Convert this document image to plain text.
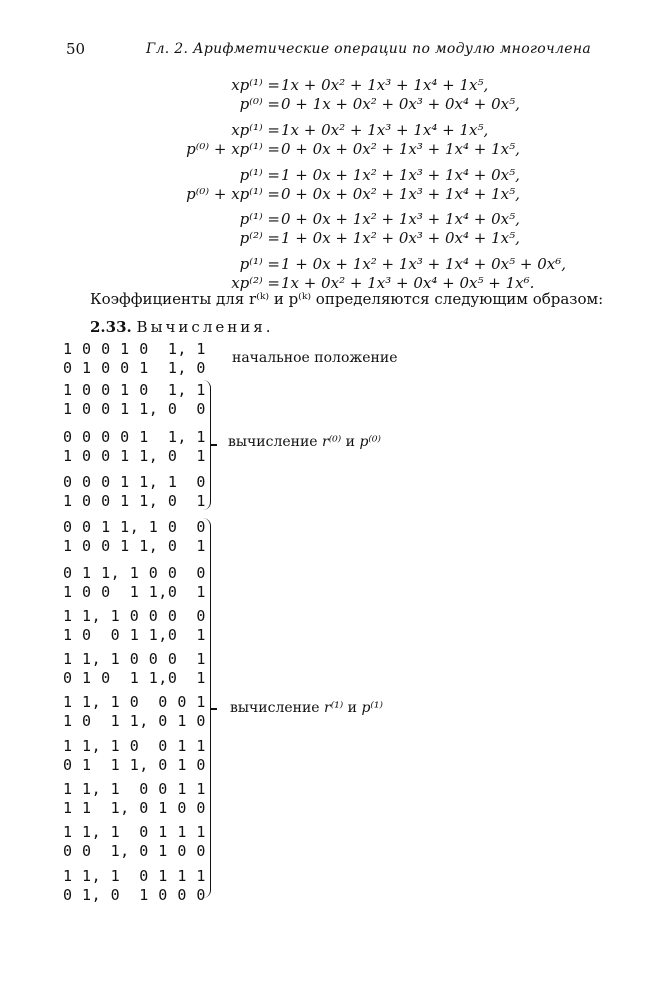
50	Гл. 2. Арифметические операции по модулю многочлена
xp⁽¹⁾ = 1x + 0x² + 1x³ + 1x⁴ + 1x⁵,
p⁽⁰⁾ = 0 + 1x + 0x² + 0x³ + 0x⁴ + 0x⁵,
xp⁽¹⁾ = 1x + 0x² + 1x³ + 1x⁴ + 1x⁵,
p⁽⁰⁾ + xp⁽¹⁾ = 0 + 0x + 0x² + 1x³ + 1x⁴ + 1x⁵,
p⁽¹⁾ = 1 + 0x + 1x² + 1x³ + 1x⁴ + 0x⁵,
p⁽⁰⁾ + xp⁽¹⁾ = 0 + 0x + 0x² + 1x³ + 1x⁴ + 1x⁵,
p⁽¹⁾ = 0 + 0x + 1x² + 1x³ + 1x⁴ + 0x⁵,
p⁽²⁾ = 1 + 0x + 1x² + 0x³ + 0x⁴ + 1x⁵,
p⁽¹⁾ = 1 + 0x + 1x² + 1x³ + 1x⁴ + 0x⁵ + 0x⁶,
xp⁽²⁾ = 1x + 0x² + 1x³ + 0x⁴ + 0x⁵ + 1x⁶.
Коэффициенты для r⁽ᵏ⁾ и p⁽ᵏ⁾ определяются следующим образом:
2.33. Вычисления.
1 0 0 1 0  1, 1
0 1 0 0 1  1, 0
1 0 0 1 0  1, 1
1 0 0 1 1, 0  0
0 0 0 0 1  1, 1
1 0 0 1 1, 0  1
0 0 0 1 1, 1  0
1 0 0 1 1, 0  1
0 0 1 1, 1 0  0
1 0 0 1 1, 0  1
0 1 1, 1 0 0  0
1 0 0  1 1,0  1
1 1, 1 0 0 0  0
1 0  0 1 1,0  1
1 1, 1 0 0 0  1
0 1 0  1 1,0  1
1 1, 1 0  0 0 1
1 0  1 1, 0 1 0
1 1, 1 0  0 1 1
0 1  1 1, 0 1 0
1 1, 1  0 0 1 1
1 1  1, 0 1 0 0
1 1, 1  0 1 1 1
0 0  1, 0 1 0 0
1 1, 1  0 1 1 1
0 1, 0  1 0 0 0
начальное положение
вычисление r⁽⁰⁾ и p⁽⁰⁾
вычисление r⁽¹⁾ и p⁽¹⁾
